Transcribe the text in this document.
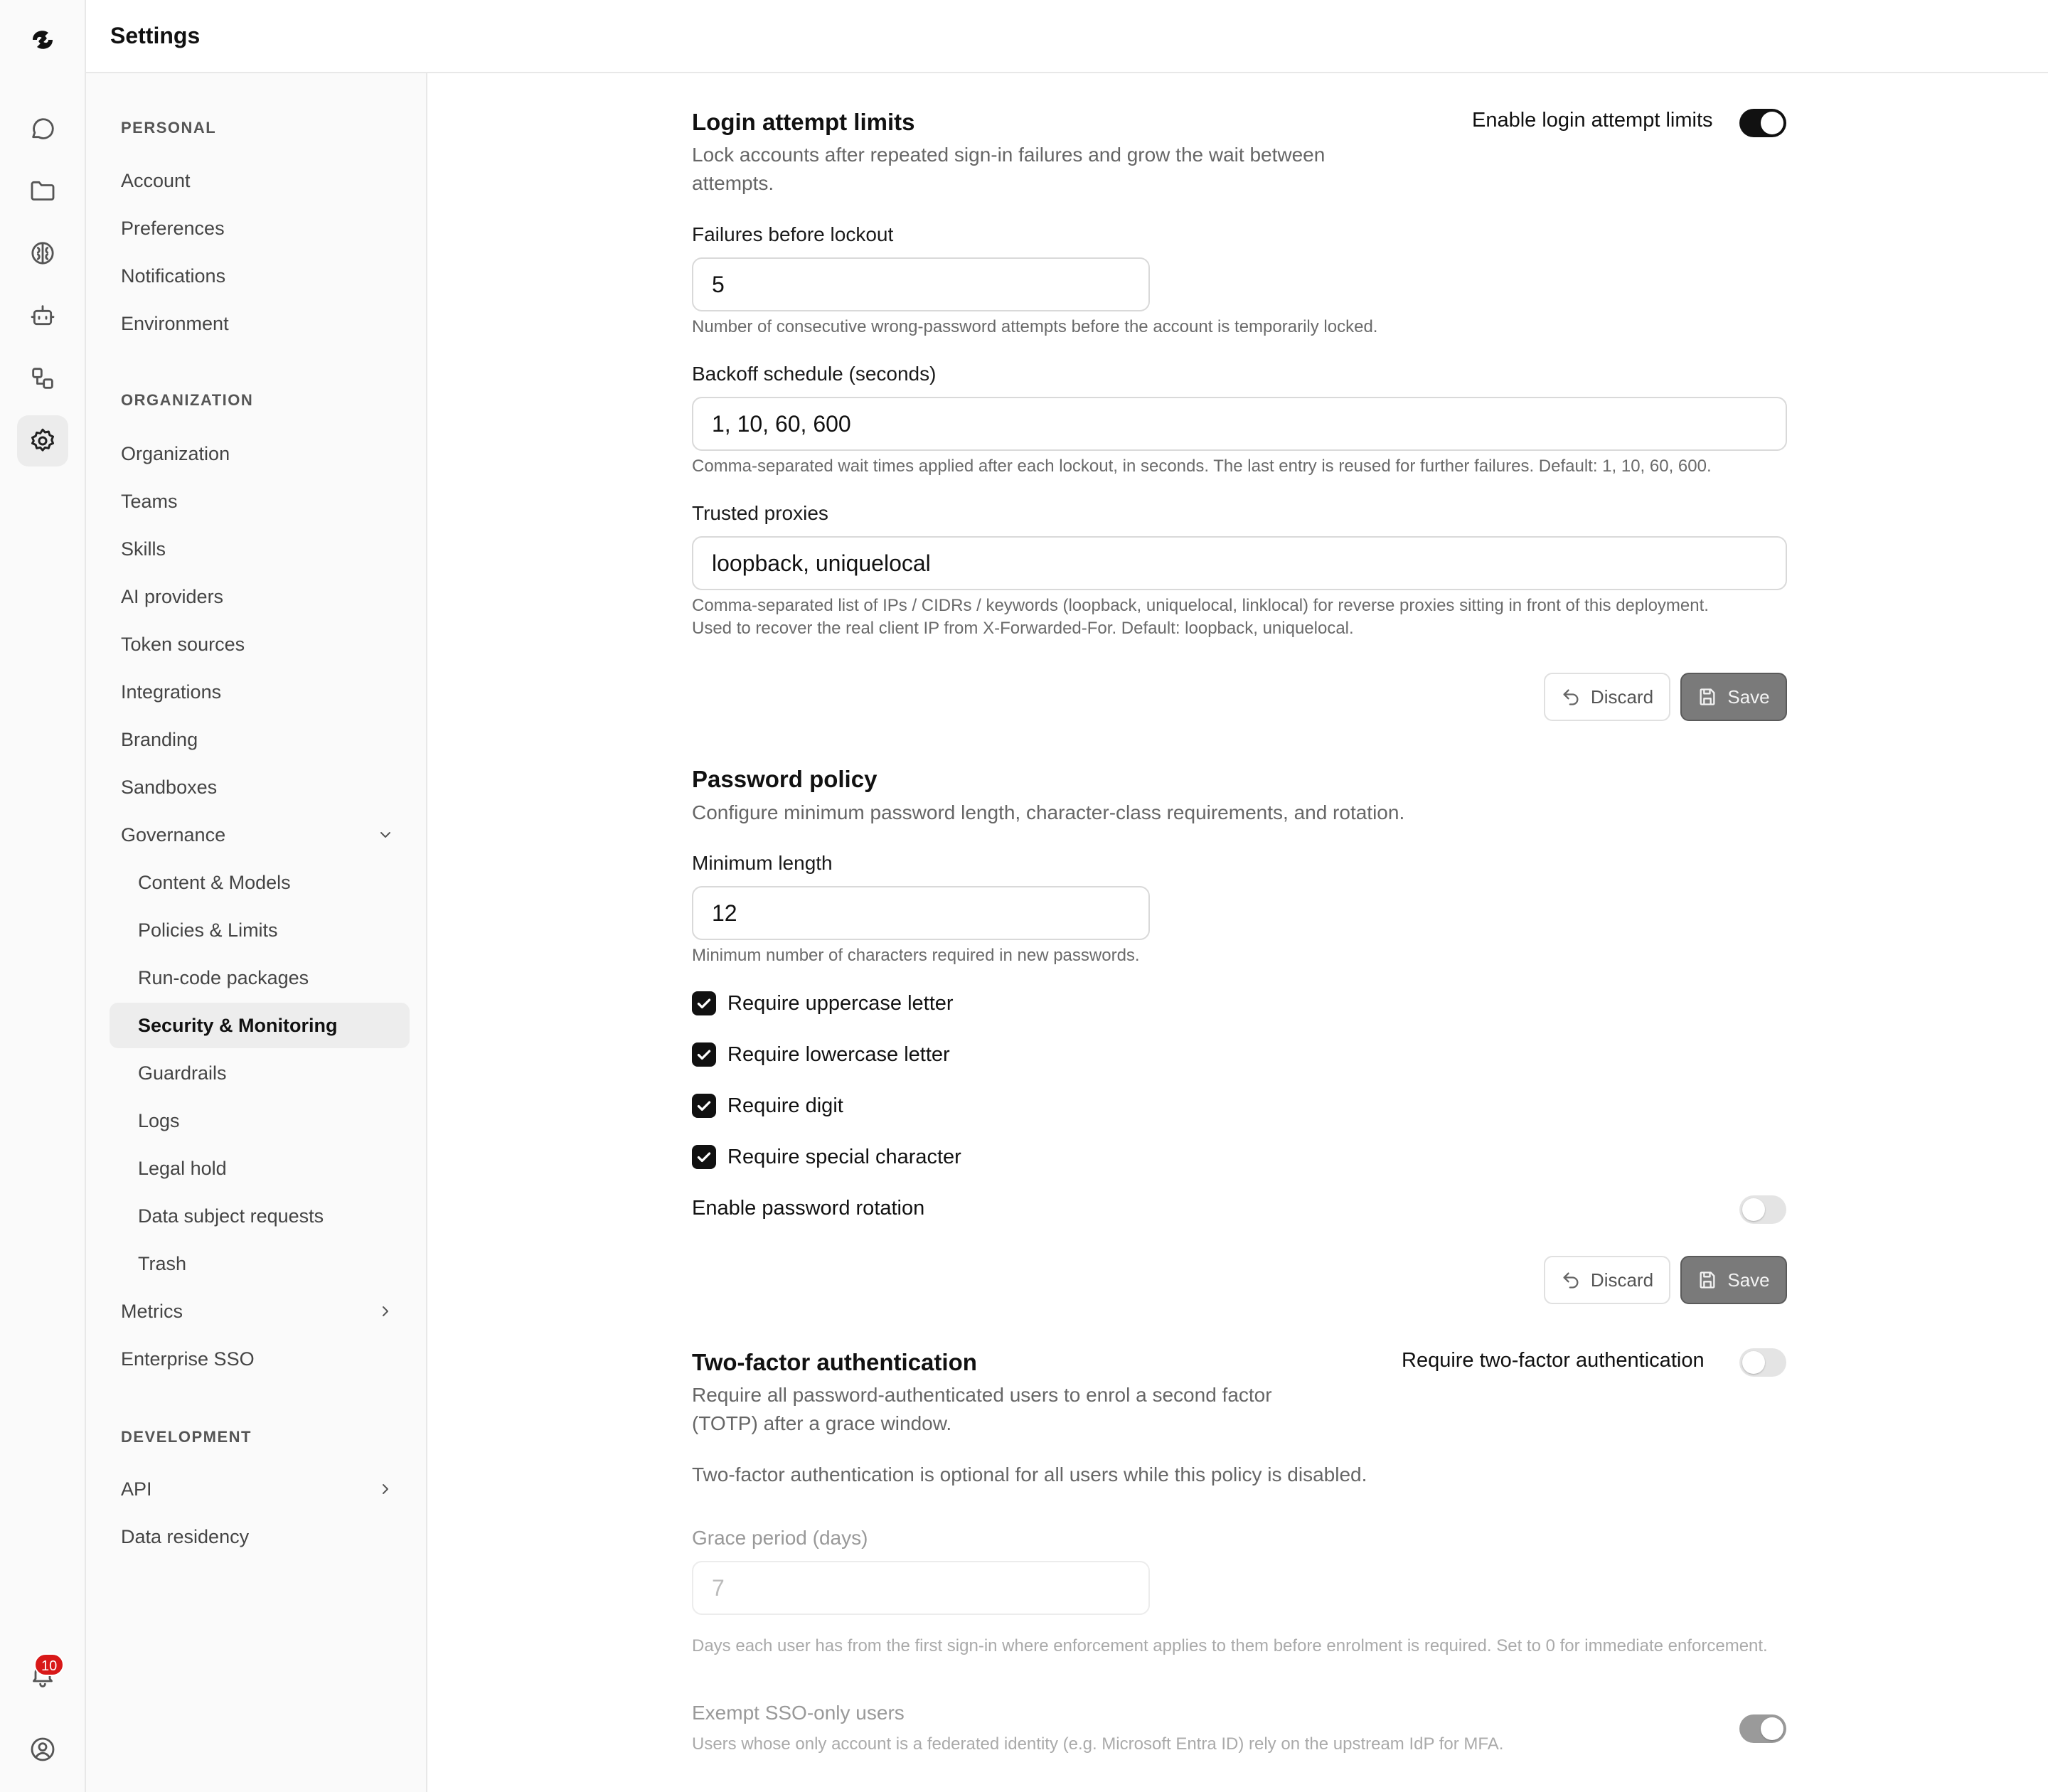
10
Settings
PERSONAL
Account
Preferences
Notifications
Environment
ORGANIZATION
Organization
Teams
Skills
AI providers
Token sources
Integrations
Branding
Sandboxes
Governance
Content & Models
Policies & Limits
Run-code packages
Security & Monitoring
Guardrails
Logs
Legal hold
Data subject requests
Trash
Metrics
Enterprise SSO
DEVELOPMENT
API
Data residency
Login attempt limits
Lock accounts after repeated sign-in failures and grow the wait between attempts.
Enable login attempt limits
Failures before lockout
5
Number of consecutive wrong-password attempts before the account is temporarily locked.
Backoff schedule (seconds)
1, 10, 60, 600
Comma-separated wait times applied after each lockout, in seconds. The last entry is reused for further failures. Default: 1, 10, 60, 600.
Trusted proxies
loopback, uniquelocal
Comma-separated list of IPs / CIDRs / keywords (loopback, uniquelocal, linklocal) for reverse proxies sitting in front of this deployment.
Used to recover the real client IP from X-Forwarded-For. Default: loopback, uniquelocal.
Discard	Save
Password policy
Configure minimum password length, character-class requirements, and rotation.
Minimum length
12
Minimum number of characters required in new passwords.
Require uppercase letter
Require lowercase letter
Require digit
Require special character
Enable password rotation
Discard	Save
Two-factor authentication
Require all password-authenticated users to enrol a second factor (TOTP) after a grace window.
Require two-factor authentication
Two-factor authentication is optional for all users while this policy is disabled.
Grace period (days)
7
Days each user has from the first sign-in where enforcement applies to them before enrolment is required. Set to 0 for immediate enforcement.
Exempt SSO-only users
Users whose only account is a federated identity (e.g. Microsoft Entra ID) rely on the upstream IdP for MFA.
